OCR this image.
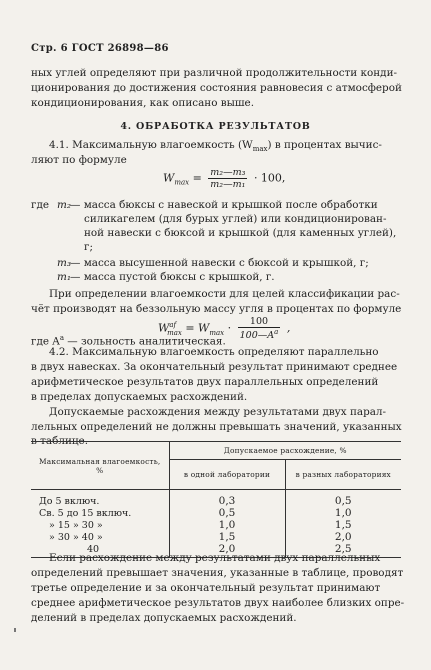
Стр. 6 ГОСТ 26898—86
ных углей определяют при различной продолжительности конди-
ционирования до достижения состояния равновесия с атмосферой
кондиционирования, как описано выше.
4. ОБРАБОТКА РЕЗУЛЬТАТОВ
4.1. Максимальную влагоемкость $(W_{max})$ в процентах вычис-
ляют по формуле
$W_{max} = \frac{\text{m₂—m₃}}{\text{m₂—m₁}} \cdot 100$,
где m₂
— масса бюксы с навеской и крышкой после обработки
силикагелем (для бурых углей) или кондиционирован-
ной навески с бюксой и крышкой (для каменных углей),
г;
m₃
— масса высушенной навески с бюксой и крышкой, г;
m₁
— масса пустой бюксы с крышкой, г.
При определении влагоемкости для целей классификации рас-
чёт производят на беззольную массу угля в процентах по формуле
$W^{af}_{max} = W_{max} \cdot \frac{100}{100—A^a}$ ,
где $A^a$ — зольность аналитическая.
4.2. Максимальную влагоемкость определяют параллельно
в двух навесках. За окончательный результат принимают среднее
арифметическое результатов двух параллельных определений
в пределах допускаемых расхождений.
Допускаемые расхождения между результатами двух парал-
лельных определений не должны превышать значений, указанных
в таблице.
Максимальная влагоемкость,
%	Допускаемое расхождение, %	
	в одной лаборатории	в разных лабораториях
До 5 включ.	0,3	0,5
Св. 5 до 15 включ.	0,5	1,0
» 15 » 30 »	1,0	1,5
» 30 » 40 »	1,5	2,0
40	2,0	2,5
Если расхождение между результатами двух параллельных
определений превышает значения, указанные в таблице, проводят
третье определение и за окончательный результат принимают
среднее арифметическое результатов двух наиболее близких опре-
делений в пределах допускаемых расхождений.
